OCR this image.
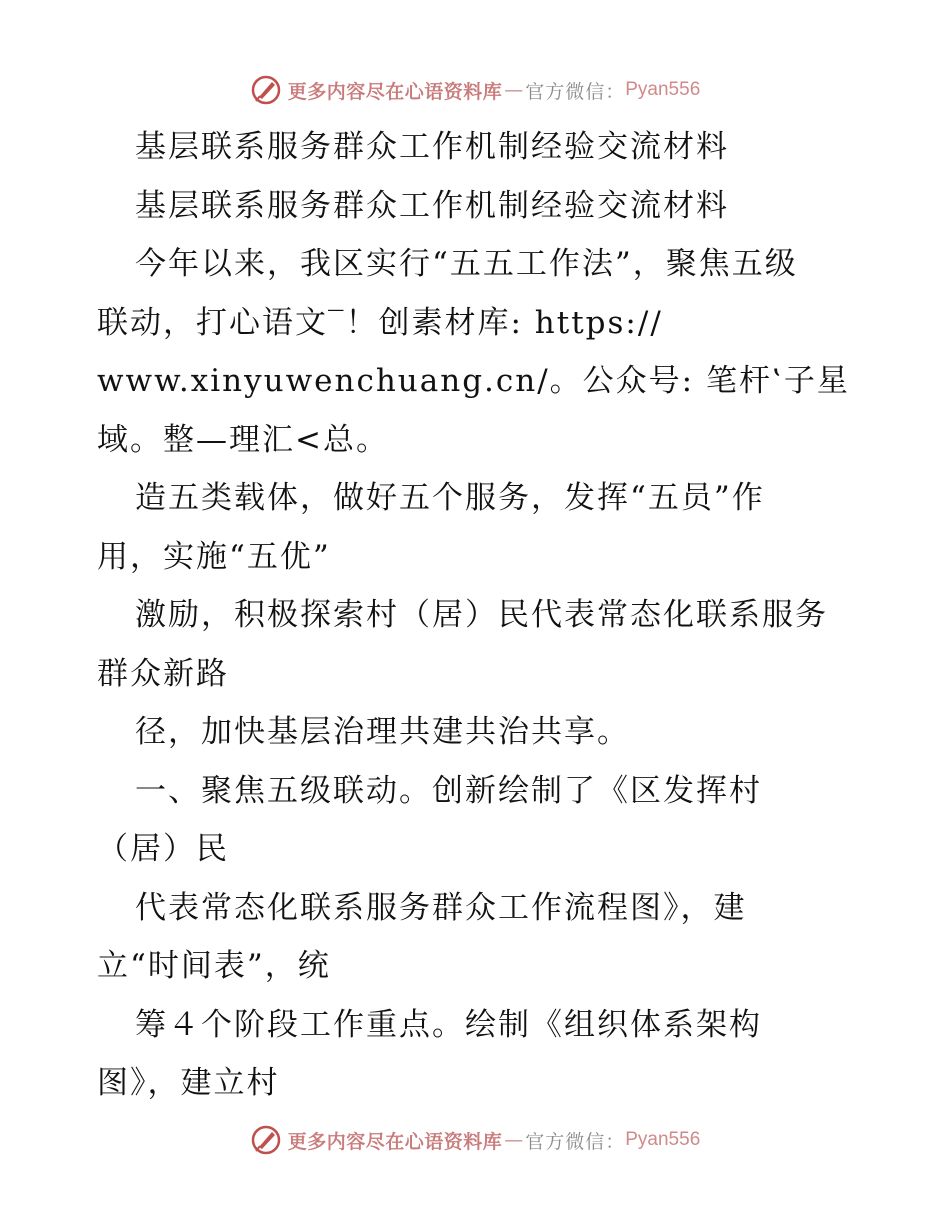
更多内容尽在心语资料库 — 官方微信： Pyan556
基层联系服务群众工作机制经验交流材料
基层联系服务群众工作机制经验交流材料
今年以来，我区实行“五五工作法”，聚焦五级
联动，打心语文‾！创素材库: https://
www.xinyuwenchuang.cn/。公众号: 笔杆‛子星
域。整—理汇<总。
造五类载体，做好五个服务，发挥“五员”作
用，实施“五优”
激励，积极探索村（居）民代表常态化联系服务
群众新路
径，加快基层治理共建共治共享。
一、聚焦五级联动。创新绘制了《区发挥村
（居）民
代表常态化联系服务群众工作流程图》，建
立“时间表”，统
筹４个阶段工作重点。绘制《组织体系架构
图》，建立村
更多内容尽在心语资料库 — 官方微信： Pyan556
